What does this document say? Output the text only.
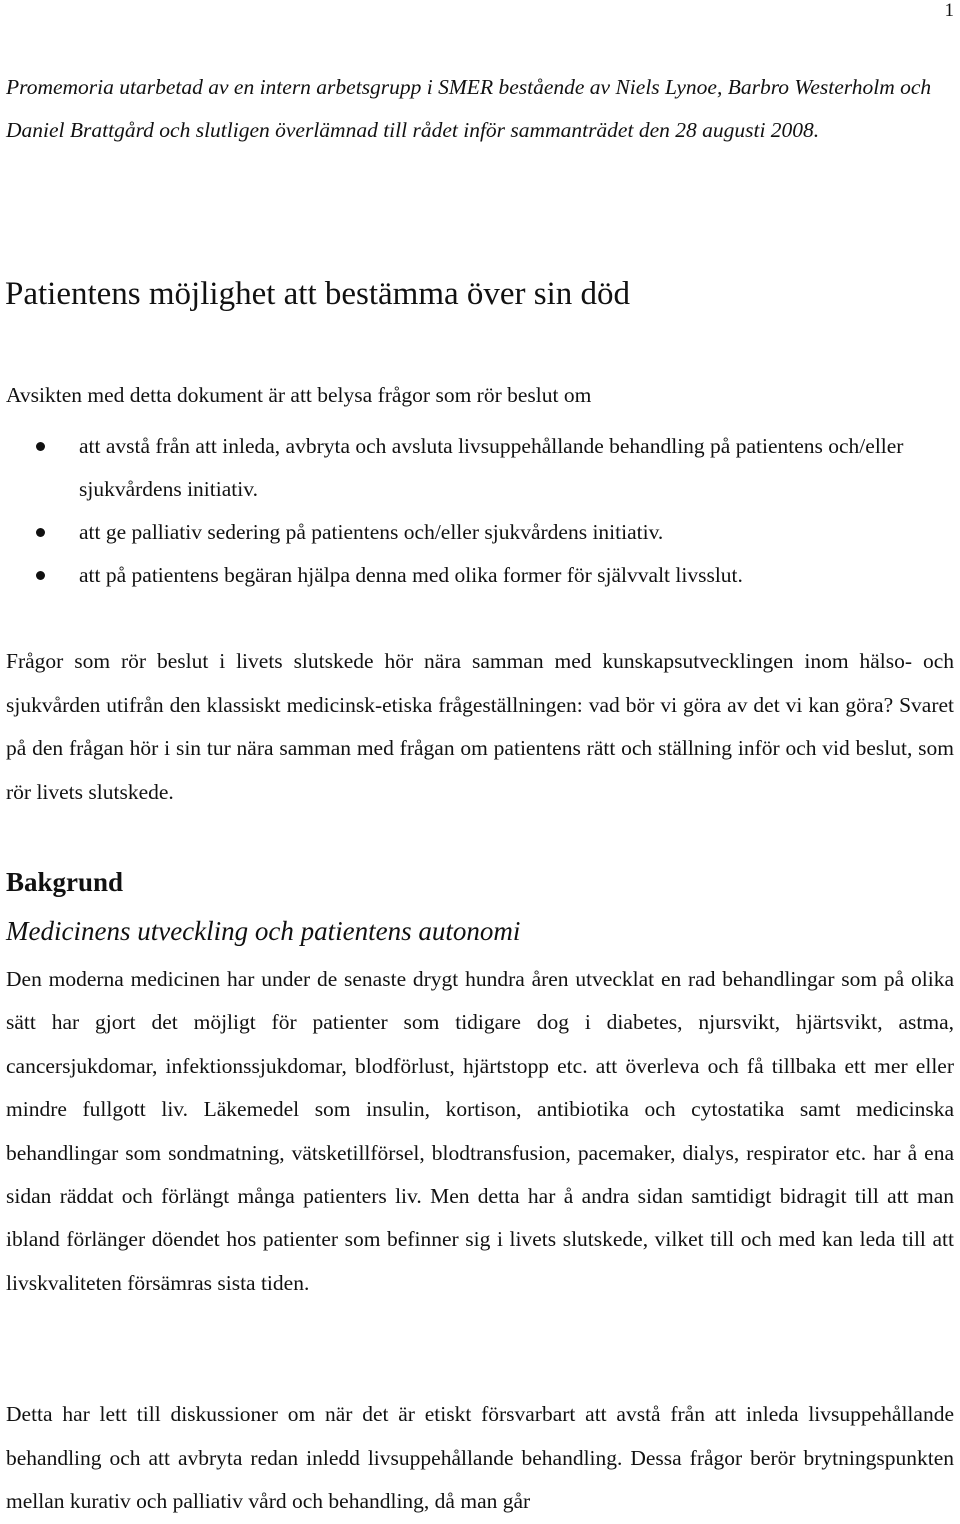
1
Promemoria utarbetad av en intern arbetsgrupp i SMER bestående av Niels Lynoe, Barbro Westerholm och Daniel Brattgård och slutligen överlämnad till rådet inför sammanträdet den 28 augusti 2008.
Patientens möjlighet att bestämma över sin död
Avsikten med detta dokument är att belysa frågor som rör beslut om
att avstå från att inleda, avbryta och avsluta livsuppehållande behandling på patientens och/eller sjukvårdens initiativ.
att ge palliativ sedering på patientens och/eller sjukvårdens initiativ.
att på patientens begäran hjälpa denna med olika former för självvalt livsslut.

Frågor som rör beslut i livets slutskede hör nära samman med kunskapsutvecklingen inom hälso- och sjukvården utifrån den klassiskt medicinsk-etiska frågeställningen: vad bör vi göra av det vi kan göra? Svaret på den frågan hör i sin tur nära samman med frågan om patientens rätt och ställning inför och vid beslut, som rör livets slutskede.

Bakgrund
Medicinens utveckling och patientens autonomi

Den moderna medicinen har under de senaste drygt hundra åren utvecklat en rad behandlingar som på olika sätt har gjort det möjligt för patienter som tidigare dog i diabetes, njursvikt, hjärtsvikt, astma, cancersjukdomar, infektionssjukdomar, blodförlust, hjärtstopp etc. att överleva och få tillbaka ett mer eller mindre fullgott liv. Läkemedel som insulin, kortison, antibiotika och cytostatika samt medicinska behandlingar som sondmatning, vätsketillförsel, blodtransfusion, pacemaker, dialys, respirator etc. har å ena sidan räddat och förlängt många patienters liv. Men detta har å andra sidan samtidigt bidragit till att man ibland förlänger döendet hos patienter som befinner sig i livets slutskede, vilket till och med kan leda till att livskvaliteten försämras sista tiden.

Detta har lett till diskussioner om när det är etiskt försvarbart att avstå från att inleda livsuppehållande behandling och att avbryta redan inledd livsuppehållande behandling. Dessa frågor berör brytningspunkten mellan kurativ och palliativ vård och behandling, då man går
